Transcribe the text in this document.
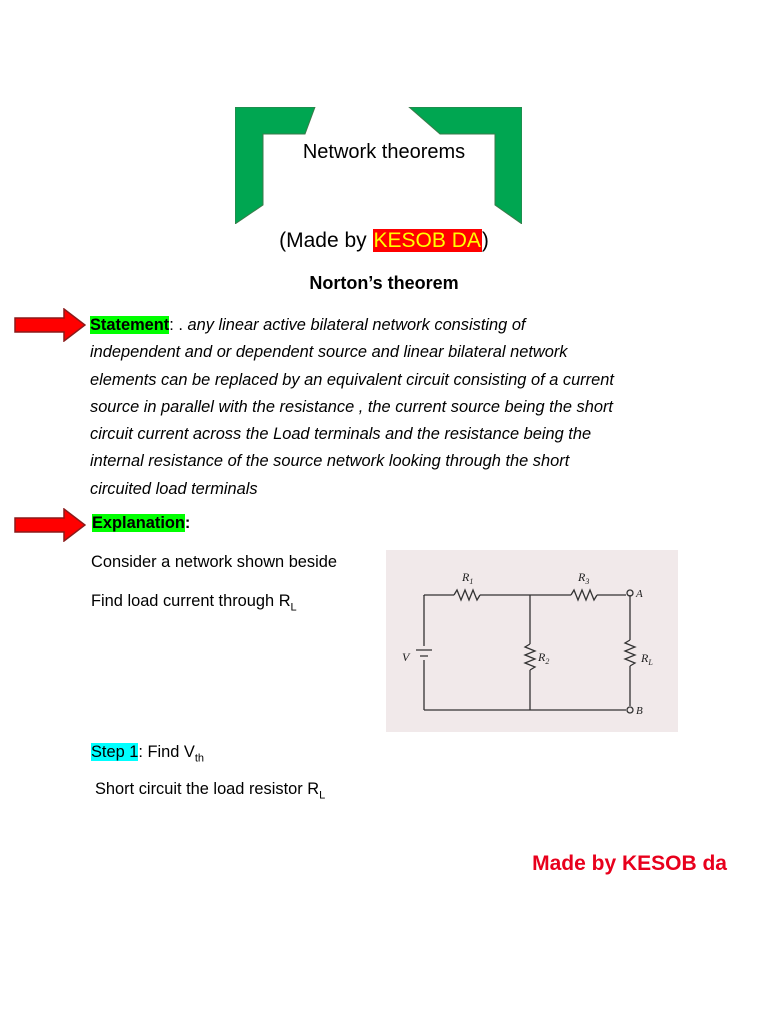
Network theorems
(Made by KESOB DA)
Norton’s theorem
Statement: . any linear active bilateral network consisting of
independent and or dependent source and linear bilateral network
elements can be replaced by an equivalent circuit consisting of a current
source in parallel with the resistance , the current source being the short
circuit current across the Load terminals and the resistance being the
internal resistance of the source network looking through the short
circuited load terminals
Explanation:
Consider a network shown beside
Find load current through $R_L$
$R_1$	$R_3$
$R_2$	$R_L$
V
A
B
Step 1: Find $V_{th}$
Short circuit the load resistor $R_L$
Made by KESOB da
